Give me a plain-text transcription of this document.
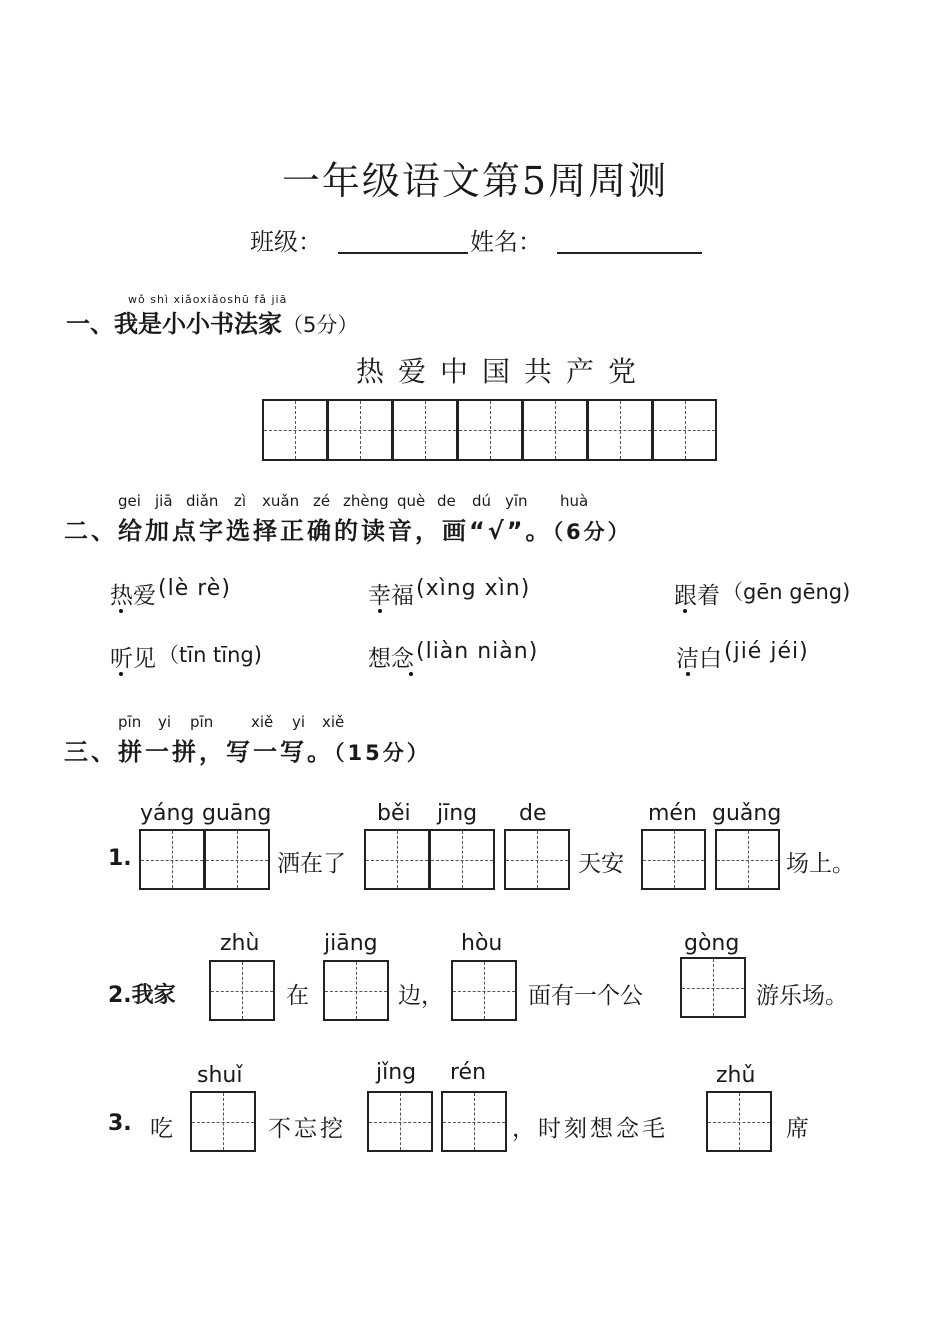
一年级语文第5周周测
班级：	姓名：
wǒ shì xiǎoxiǎoshū fǎ jiā
一、我是小小书法家（5分）
热爱中国共产党
gei jiā diǎn zì xuǎn zé zhèng què de dú yīn huà
二、给加点字选择正确的读音，画“√”。（6分）
热爱 (lè rè)	幸福 (xìng xìn)	跟着 （gēn gēng)
听见 （tīn tīng)	想念 (liàn niàn)	洁白 (jié jéi)
pīn yi pīn	xiě yi xiě
三、拼一拼，写一写。（15分）
yáng guāng
1.	洒在了
běi jīng de
天安
mén guǎng
场上。
2.我家
zhù
在
jiāng
边，
hòu
面有一个公
gòng
游乐场。
3. 吃
shuǐ
不忘挖
jǐng rén
，时刻想念毛
zhǔ
席
